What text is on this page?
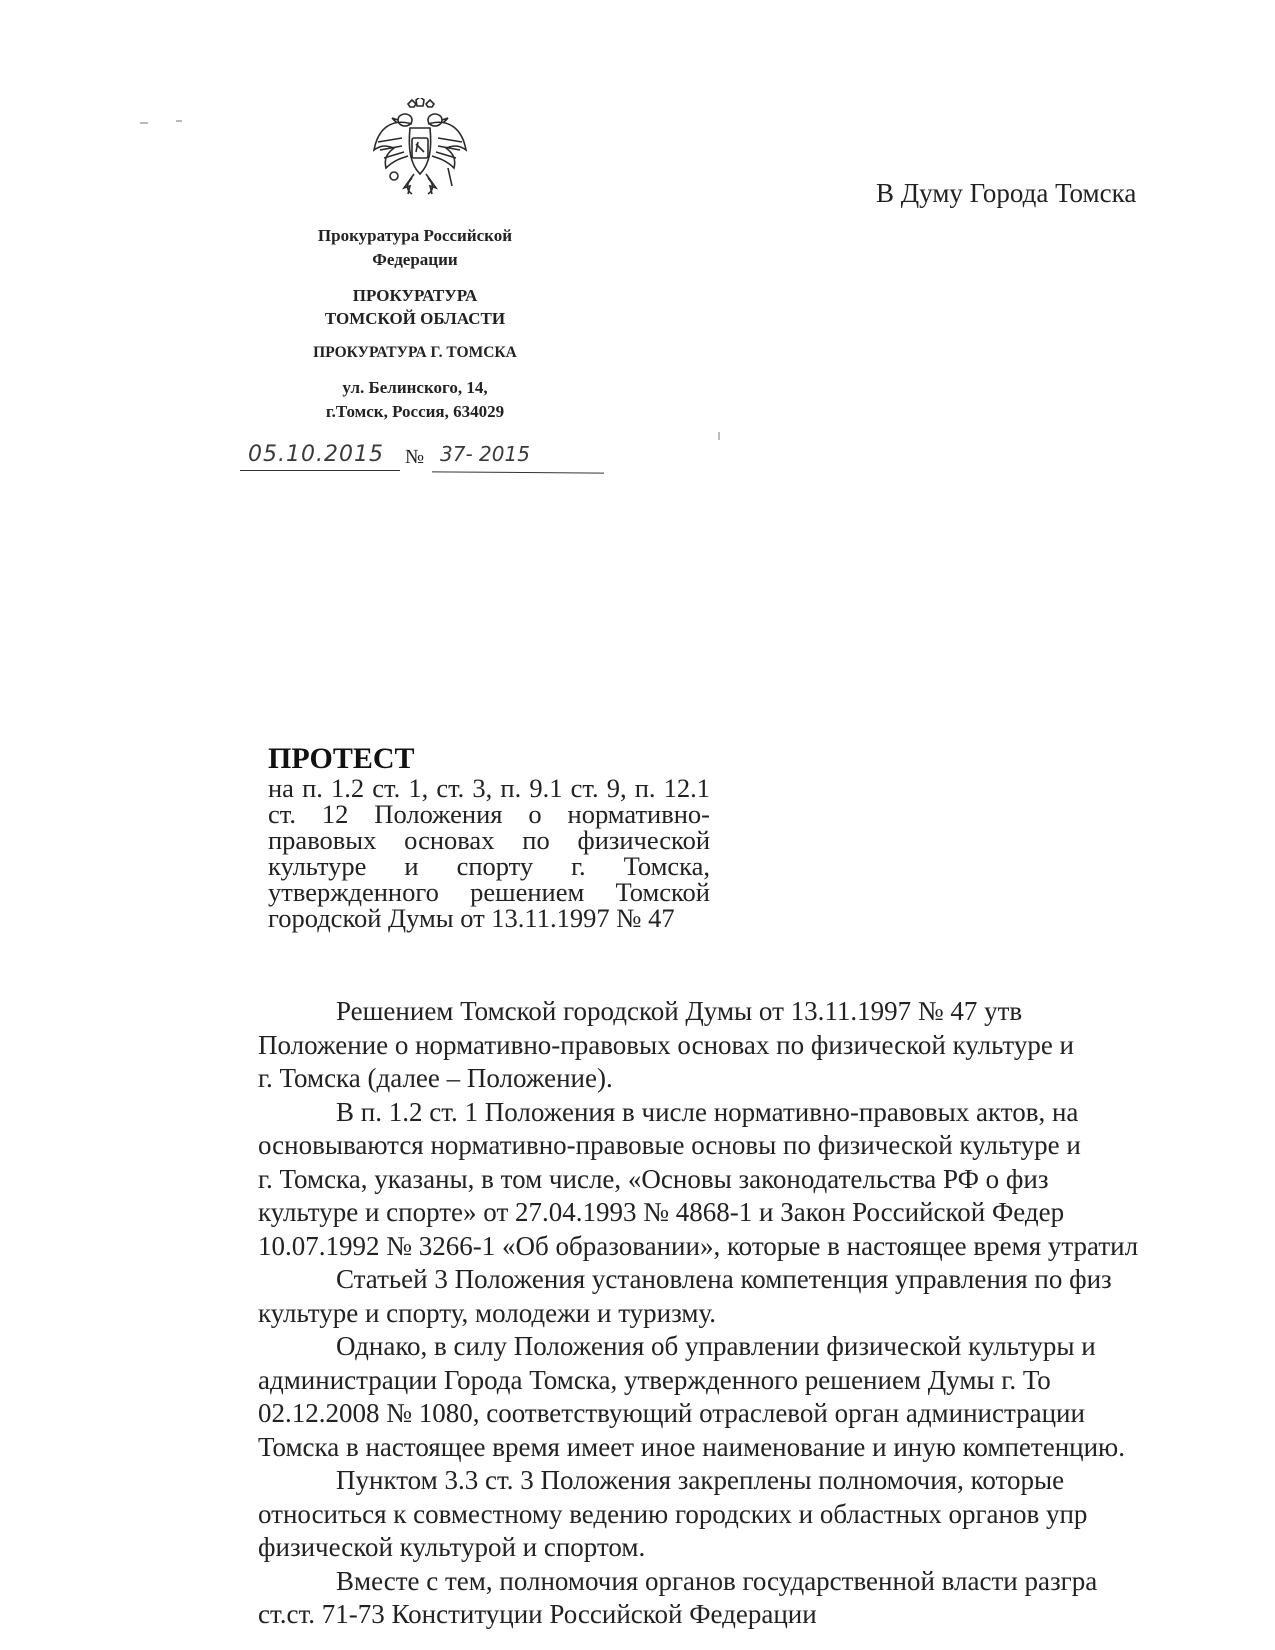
Прокуратура Российской
Федерации
ПРОКУРАТУРА
ТОМСКОЙ ОБЛАСТИ
ПРОКУРАТУРА Г. ТОМСКА
ул. Белинского, 14,
г.Томск, Россия, 634029
05.10.2015 № 37- 2015
В Думу Города Томска
ПРОТЕСТ

на п. 1.2 ст. 1, ст. 3, п. 9.1 ст. 9, п. 12.1 ст. 12 Положения о нормативно-правовых основах по физической культуре и спорту г. Томска, утвержденного решением Томской городской Думы от 13.11.1997 № 47

Решением Томской городской Думы от 13.11.1997 № 47 утв

Положение о нормативно-правовых основах по физической культуре и

г. Томска (далее – Положение).

В п. 1.2 ст. 1 Положения в числе нормативно-правовых актов, на

основываются нормативно-правовые основы по физической культуре и

г. Томска, указаны, в том числе, «Основы законодательства РФ о физ

культуре и спорте» от 27.04.1993 № 4868-1 и Закон Российской Федер

10.07.1992 № 3266-1 «Об образовании», которые в настоящее время утратил

Статьей 3 Положения установлена компетенция управления по физ

культуре и спорту, молодежи и туризму.

Однако, в силу Положения об управлении физической культуры и

администрации Города Томска, утвержденного решением Думы г. То

02.12.2008 № 1080, соответствующий отраслевой орган администрации

Томска в настоящее время имеет иное наименование и иную компетенцию.

Пунктом 3.3 ст. 3 Положения закреплены полномочия, которые

относиться к совместному ведению городских и областных органов упр

физической культурой и спортом.

Вместе с тем, полномочия органов государственной власти разгра

ст.ст. 71-73 Конституции Российской Федерации
